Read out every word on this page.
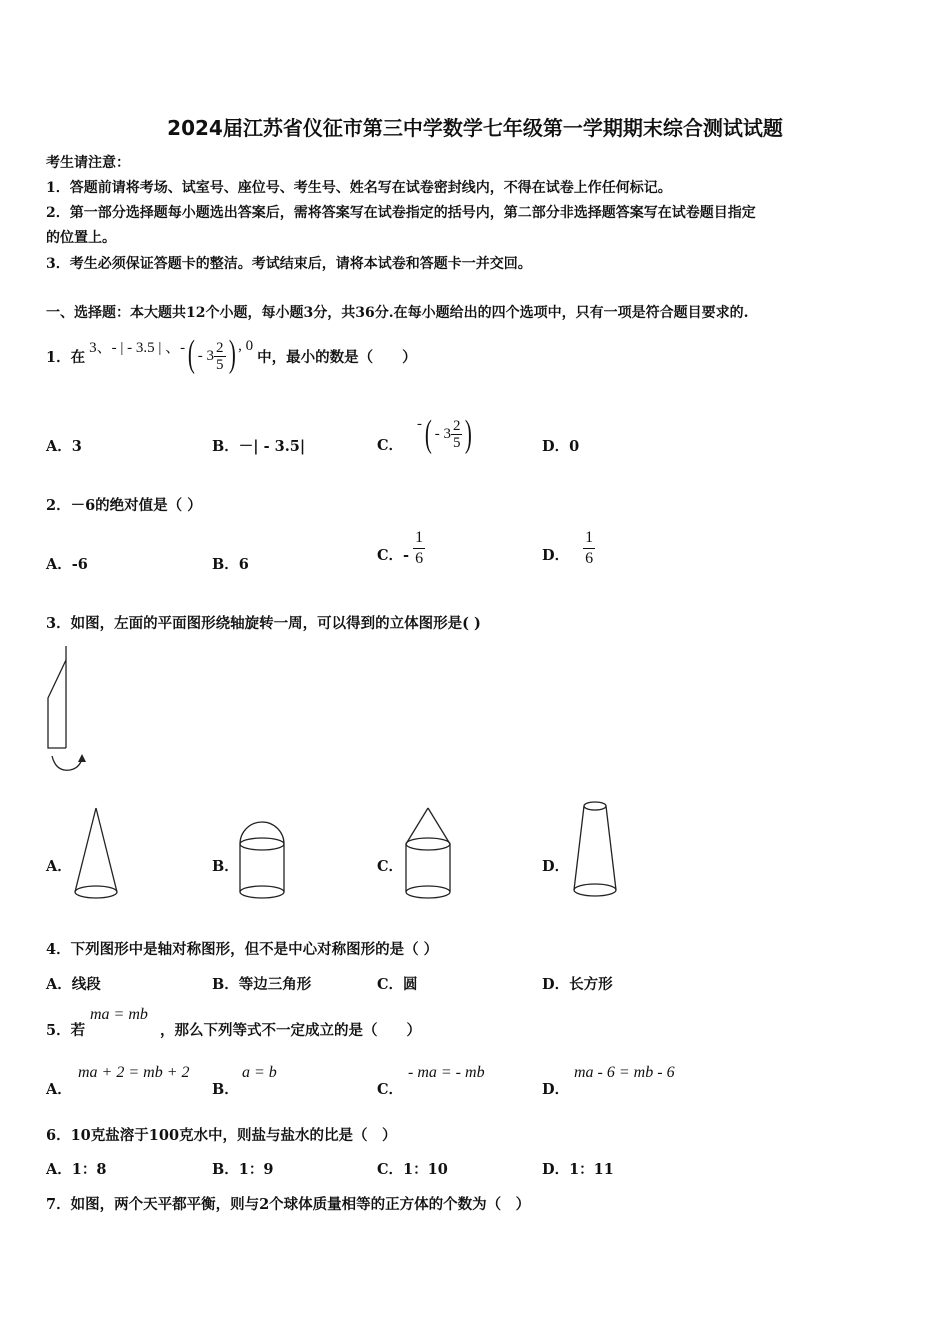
2024届江苏省仪征市第三中学数学七年级第一学期期末综合测试试题
考生请注意：
1．答题前请将考场、试室号、座位号、考生号、姓名写在试卷密封线内，不得在试卷上作任何标记。
2．第一部分选择题每小题选出答案后，需将答案写在试卷指定的括号内，第二部分非选择题答案写在试卷题目指定
的位置上。
3．考生必须保证答题卡的整洁。考试结束后，请将本试卷和答题卡一并交回。
一、选择题：本大题共12个小题，每小题3分，共36分.在每小题给出的四个选项中，只有一项是符合题目要求的.
1．在
3、- | - 3.5 | 、- ( - $3 \frac{2}{5}$ ) , 0
中，最小的数是（　　）
A．3	B．－| - 3.5|	C．
- ( - $3 \frac{2}{5}$ )	D．0
2．－6的绝对值是（ ）
A．-6	B．6
C．- $\frac{1}{6}$	D． $\frac{1}{6}$
3．如图，左面的平面图形绕轴旋转一周，可以得到的立体图形是( )
A．	B．	C．	D．
4．下列图形中是轴对称图形，但不是中心对称图形的是（ ）
A．线段	B．等边三角形	C．圆	D．长方形
5．若
ma = mb
，那么下列等式不一定成立的是（　　）
A．
ma + 2 = mb + 2
B．
a = b
C．
- ma = - mb
D．
ma - 6 = mb - 6
6．10克盐溶于100克水中，则盐与盐水的比是（　）
A．1：8	B．1：9	C．1：10	D．1：11
7．如图，两个天平都平衡，则与2个球体质量相等的正方体的个数为（　）
